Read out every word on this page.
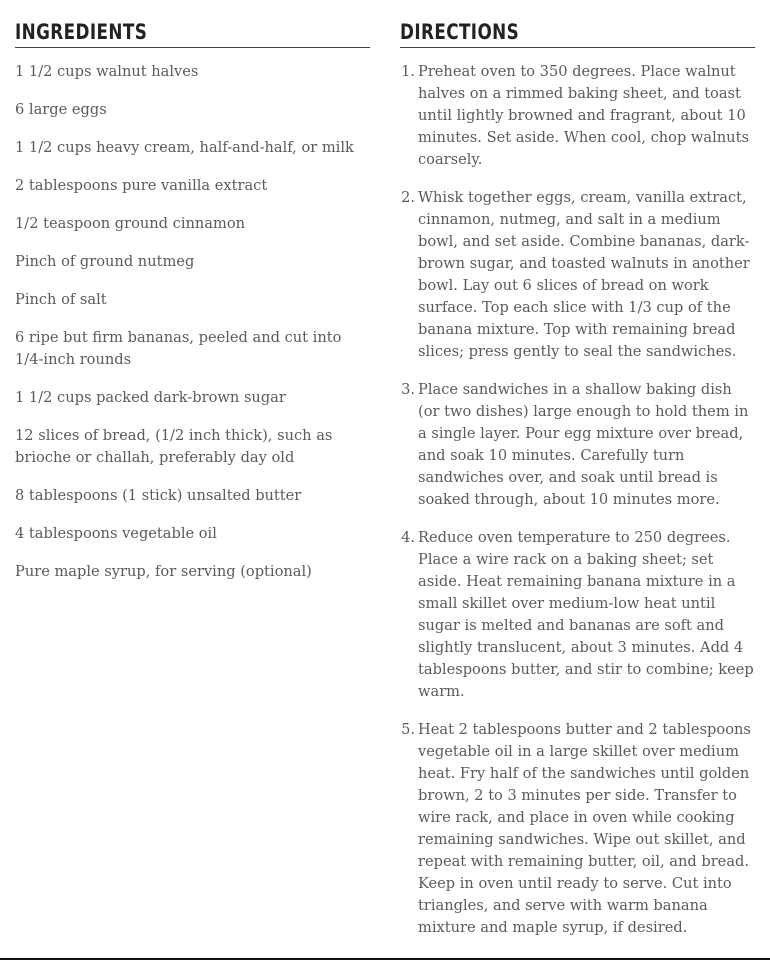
INGREDIENTS
1 1/2 cups walnut halves
6 large eggs
1 1/2 cups heavy cream, half-and-half, or milk
2 tablespoons pure vanilla extract
1/2 teaspoon ground cinnamon
Pinch of ground nutmeg
Pinch of salt
6 ripe but firm bananas, peeled and cut into 1/4-inch rounds
1 1/2 cups packed dark-brown sugar
12 slices of bread, (1/2 inch thick), such as brioche or challah, preferably day old
8 tablespoons (1 stick) unsalted butter
4 tablespoons vegetable oil
Pure maple syrup, for serving (optional)
DIRECTIONS
1. Preheat oven to 350 degrees. Place walnut halves on a rimmed baking sheet, and toast until lightly browned and fragrant, about 10 minutes. Set aside. When cool, chop walnuts coarsely.
2. Whisk together eggs, cream, vanilla extract, cinnamon, nutmeg, and salt in a medium bowl, and set aside. Combine bananas, dark-brown sugar, and toasted walnuts in another bowl. Lay out 6 slices of bread on work surface. Top each slice with 1/3 cup of the banana mixture. Top with remaining bread slices; press gently to seal the sandwiches.
3. Place sandwiches in a shallow baking dish (or two dishes) large enough to hold them in a single layer. Pour egg mixture over bread, and soak 10 minutes. Carefully turn sandwiches over, and soak until bread is soaked through, about 10 minutes more.
4. Reduce oven temperature to 250 degrees. Place a wire rack on a baking sheet; set aside. Heat remaining banana mixture in a small skillet over medium-low heat until sugar is melted and bananas are soft and slightly translucent, about 3 minutes. Add 4 tablespoons butter, and stir to combine; keep warm.
5. Heat 2 tablespoons butter and 2 tablespoons vegetable oil in a large skillet over medium heat. Fry half of the sandwiches until golden brown, 2 to 3 minutes per side. Transfer to wire rack, and place in oven while cooking remaining sandwiches. Wipe out skillet, and repeat with remaining butter, oil, and bread. Keep in oven until ready to serve. Cut into triangles, and serve with warm banana mixture and maple syrup, if desired.
